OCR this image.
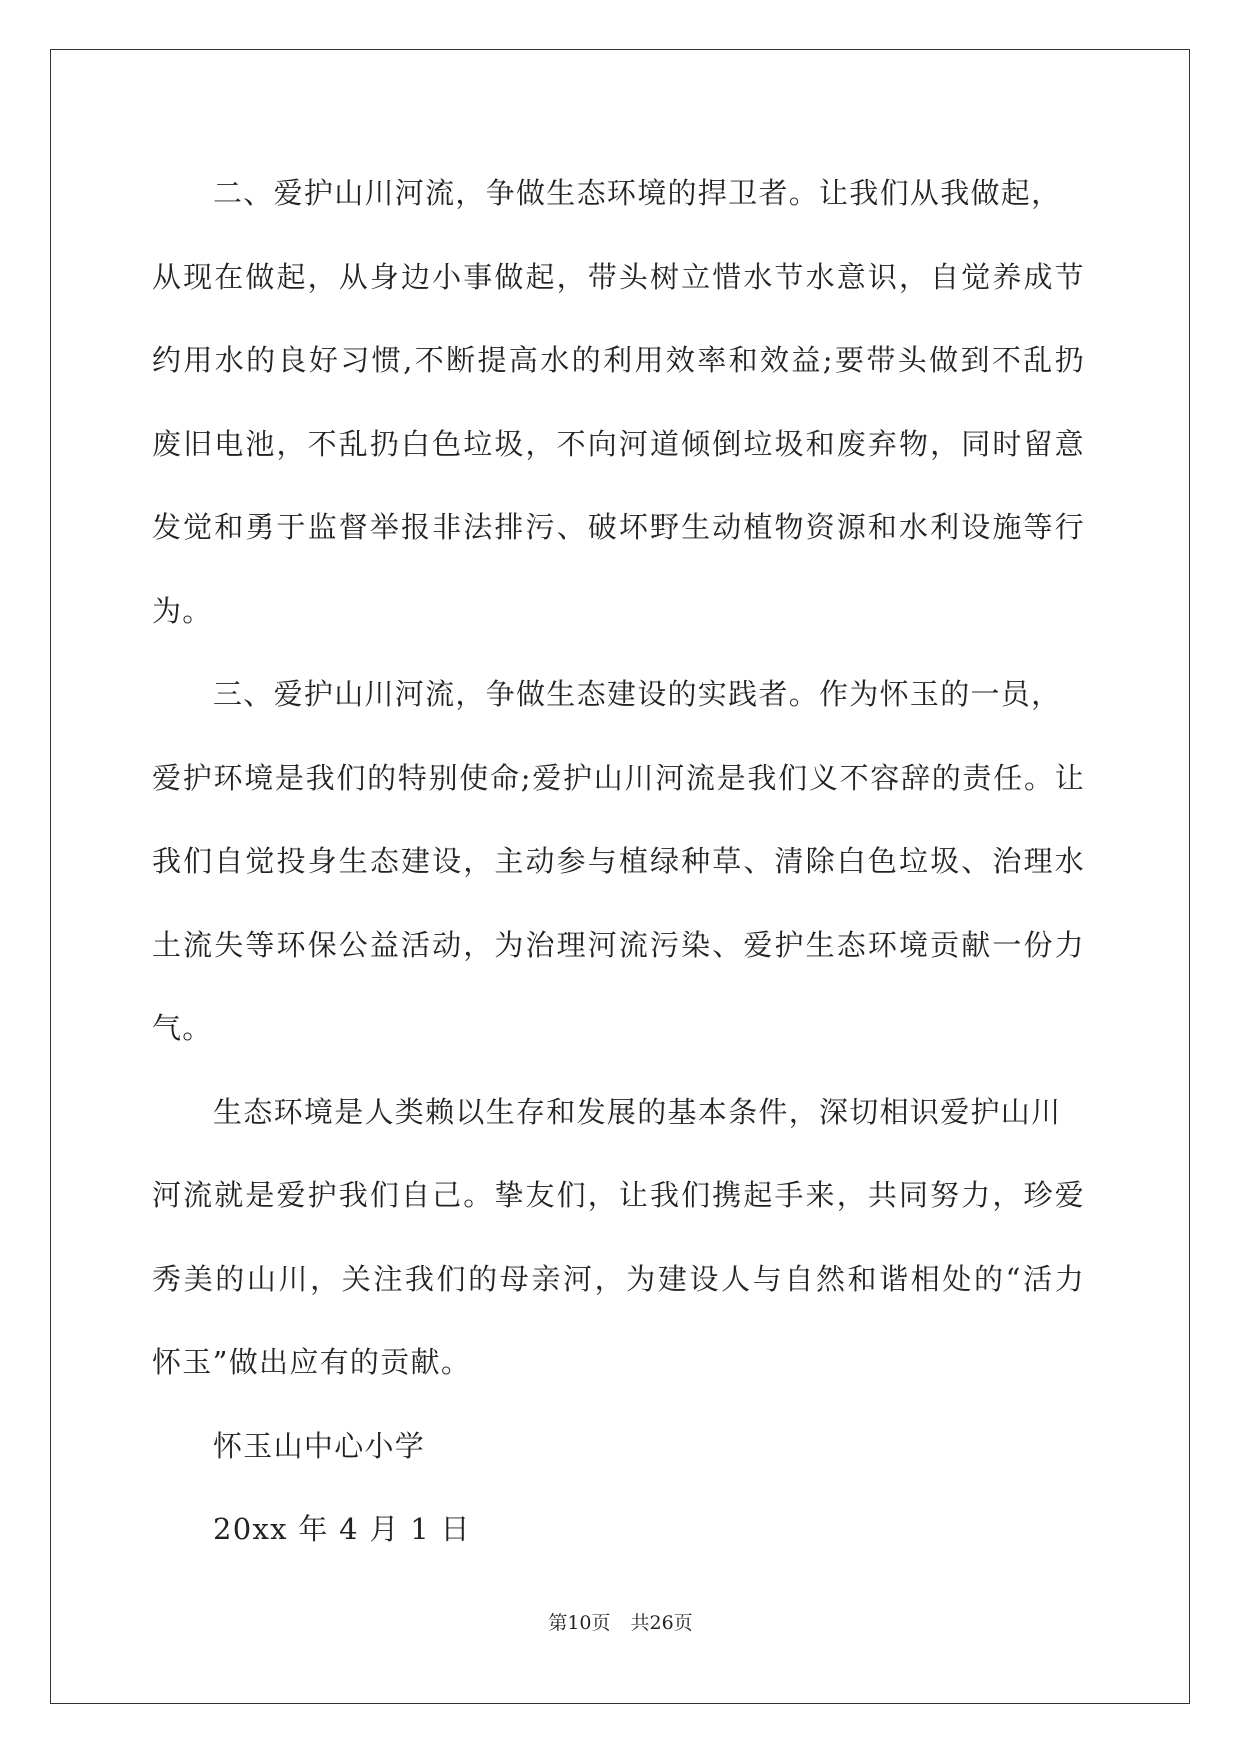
二、爱护山川河流，争做生态环境的捍卫者。让我们从我做起，
从现在做起，从身边小事做起，带头树立惜水节水意识，自觉养成节
约用水的良好习惯,不断提高水的利用效率和效益;要带头做到不乱扔
废旧电池，不乱扔白色垃圾，不向河道倾倒垃圾和废弃物，同时留意
发觉和勇于监督举报非法排污、破坏野生动植物资源和水利设施等行
为。
三、爱护山川河流，争做生态建设的实践者。作为怀玉的一员，
爱护环境是我们的特别使命;爱护山川河流是我们义不容辞的责任。让
我们自觉投身生态建设，主动参与植绿种草、清除白色垃圾、治理水
土流失等环保公益活动，为治理河流污染、爱护生态环境贡献一份力
气。
生态环境是人类赖以生存和发展的基本条件，深切相识爱护山川
河流就是爱护我们自己。挚友们，让我们携起手来，共同努力，珍爱
秀美的山川，关注我们的母亲河，为建设人与自然和谐相处的“活力
怀玉”做出应有的贡献。
怀玉山中心小学
20xx 年 4 月 1 日
第10页 共26页
